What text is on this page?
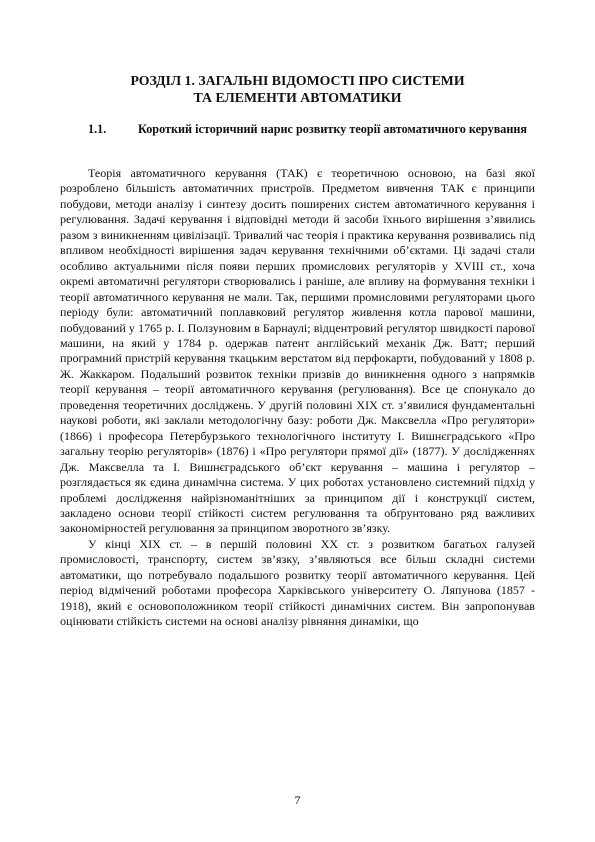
РОЗДІЛ 1. ЗАГАЛЬНІ ВІДОМОСТІ ПРО СИСТЕМИ
ТА ЕЛЕМЕНТИ АВТОМАТИКИ
1.1.	Короткий історичний нарис розвитку теорії автоматичного керування

Теорія автоматичного керування (ТАК) є теоретичною основою, на базі якої розроблено більшість автоматичних пристроїв. Предметом вивчення ТАК є принципи побудови, методи аналізу і синтезу досить поширених систем автоматичного керування і регулювання. Задачі керування і відповідні методи й засоби їхнього вирішення з’явились разом з виникненням цивілізації. Тривалий час теорія і практика керування розвивались під впливом необхідності вирішення задач керування технічними об’єктами. Ці задачі стали особливо актуальними після появи перших промислових регуляторів у XVIII ст., хоча окремі автоматичні регулятори створювались і раніше, але впливу на формування техніки і теорії автоматичного керування не мали. Так, першими промисловими регуляторами цього періоду були: автоматичний поплавковий регулятор живлення котла парової машини, побудований у 1765 р. І. Ползуновим в Барнаулі; відцентровий регулятор швидкості парової машини, на який у 1784 р. одержав патент англійський механік Дж. Ватт; перший програмний пристрій керування ткацьким верстатом від перфокарти, побудований у 1808 р. Ж. Жаккаром. Подальший розвиток техніки призвів до виникнення одного з напрямків теорії керування – теорії автоматичного керування (регулювання). Все це спонукало до проведення теоретичних досліджень. У другій половині ХІХ ст. з’явилися фундаментальні наукові роботи, які заклали методологічну базу: роботи Дж. Максвелла «Про регулятори» (1866) і професора Петербурзького технологічного інституту І. Вишнєградського «Про загальну теорію регуляторів» (1876) і «Про регулятори прямої дії» (1877). У дослідженнях Дж. Максвелла та І. Вишнєградського об’єкт керування – машина і регулятор – розглядається як єдина динамічна система. У цих роботах установлено системний підхід у проблемі дослідження найрізноманітніших за принципом дії і конструкції систем, закладено основи теорії стійкості систем регулювання та обґрунтовано ряд важливих закономірностей регулювання за принципом зворотного зв’язку.

У кінці ХІХ ст. – в першій половині ХХ ст. з розвитком багатьох галузей промисловості, транспорту, систем зв’язку, з’являються все більш складні системи автоматики, що потребувало подальшого розвитку теорії автоматичного керування. Цей період відмічений роботами професора Харківського університету О. Ляпунова (1857 - 1918), який є основоположником теорії стійкості динамічних систем. Він запропонував оцінювати стійкість системи на основі аналізу рівняння динаміки, що

7
